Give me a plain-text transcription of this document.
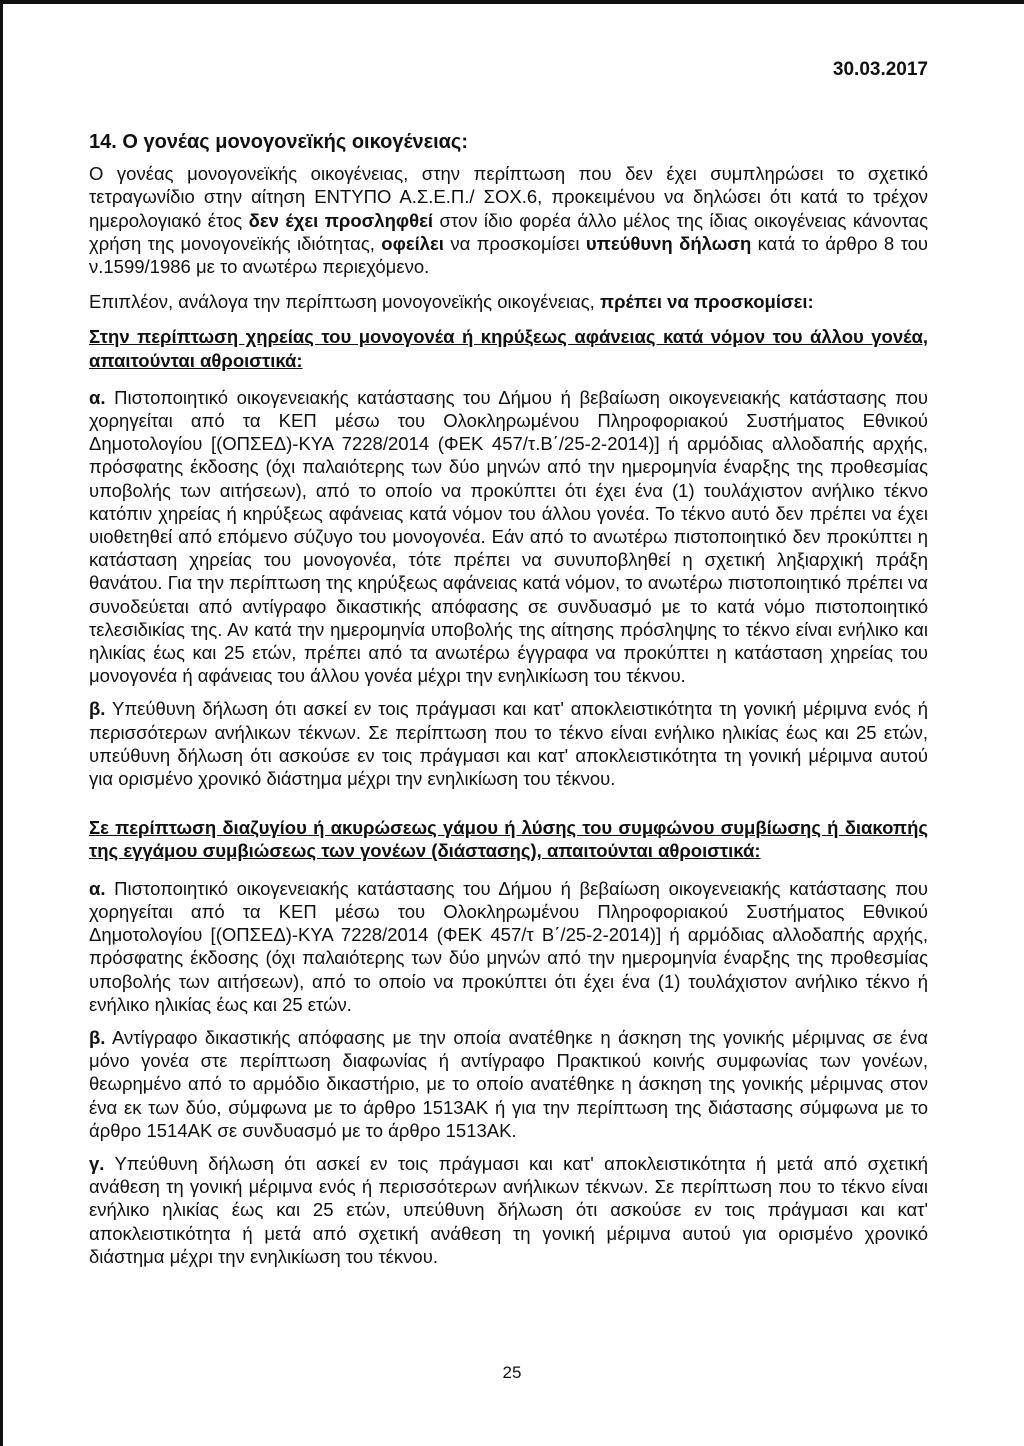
30.03.2017
14. Ο γονέας μονογονεϊκής οικογένειας:

Ο γονέας μονογονεϊκής οικογένειας, στην περίπτωση που δεν έχει συμπληρώσει το σχετικό τετραγωνίδιο στην αίτηση ΕΝΤΥΠΟ Α.Σ.Ε.Π./ ΣΟΧ.6, προκειμένου να δηλώσει ότι κατά το τρέχον ημερολογιακό έτος δεν έχει προσληφθεί στον ίδιο φορέα άλλο μέλος της ίδιας οικογένειας κάνοντας χρήση της μονογονεϊκής ιδιότητας, οφείλει να προσκομίσει υπεύθυνη δήλωση κατά το άρθρο 8 του ν.1599/1986 με το ανωτέρω περιεχόμενο.

Επιπλέον, ανάλογα την περίπτωση μονογονεϊκής οικογένειας, πρέπει να προσκομίσει:

Στην περίπτωση χηρείας του μονογονέα ή κηρύξεως αφάνειας κατά νόμον του άλλου γονέα, απαιτούνται αθροιστικά:

α. Πιστοποιητικό οικογενειακής κατάστασης του Δήμου ή βεβαίωση οικογενειακής κατάστασης που χορηγείται από τα ΚΕΠ μέσω του Ολοκληρωμένου Πληροφοριακού Συστήματος Εθνικού Δημοτολογίου [(ΟΠΣΕΔ)-ΚΥΑ 7228/2014 (ΦΕΚ 457/τ.Β΄/25-2-2014)] ή αρμόδιας αλλοδαπής αρχής, πρόσφατης έκδοσης (όχι παλαιότερης των δύο μηνών από την ημερομηνία έναρξης της προθεσμίας υποβολής των αιτήσεων), από το οποίο να προκύπτει ότι έχει ένα (1) τουλάχιστον ανήλικο τέκνο κατόπιν χηρείας ή κηρύξεως αφάνειας κατά νόμον του άλλου γονέα. Το τέκνο αυτό δεν πρέπει να έχει υιοθετηθεί από επόμενο σύζυγο του μονογονέα. Εάν από το ανωτέρω πιστοποιητικό δεν προκύπτει η κατάσταση χηρείας του μονογονέα, τότε πρέπει να συνυποβληθεί η σχετική ληξιαρχική πράξη θανάτου. Για την περίπτωση της κηρύξεως αφάνειας κατά νόμον, το ανωτέρω πιστοποιητικό πρέπει να συνοδεύεται από αντίγραφο δικαστικής απόφασης σε συνδυασμό με το κατά νόμο πιστοποιητικό τελεσιδικίας της. Αν κατά την ημερομηνία υποβολής της αίτησης πρόσληψης το τέκνο είναι ενήλικο και ηλικίας έως και 25 ετών, πρέπει από τα ανωτέρω έγγραφα να προκύπτει η κατάσταση χηρείας του μονογονέα ή αφάνειας του άλλου γονέα μέχρι την ενηλικίωση του τέκνου.

β. Υπεύθυνη δήλωση ότι ασκεί εν τοις πράγμασι και κατ' αποκλειστικότητα τη γονική μέριμνα ενός ή περισσότερων ανήλικων τέκνων. Σε περίπτωση που το τέκνο είναι ενήλικο ηλικίας έως και 25 ετών, υπεύθυνη δήλωση ότι ασκούσε εν τοις πράγμασι και κατ' αποκλειστικότητα τη γονική μέριμνα αυτού για ορισμένο χρονικό διάστημα μέχρι την ενηλικίωση του τέκνου.

Σε περίπτωση διαζυγίου ή ακυρώσεως γάμου ή λύσης του συμφώνου συμβίωσης ή διακοπής της εγγάμου συμβιώσεως των γονέων (διάστασης), απαιτούνται αθροιστικά:

α. Πιστοποιητικό οικογενειακής κατάστασης του Δήμου ή βεβαίωση οικογενειακής κατάστασης που χορηγείται από τα ΚΕΠ μέσω του Ολοκληρωμένου Πληροφοριακού Συστήματος Εθνικού Δημοτολογίου [(ΟΠΣΕΔ)-ΚΥΑ 7228/2014 (ΦΕΚ 457/τ Β΄/25-2-2014)] ή αρμόδιας αλλοδαπής αρχής, πρόσφατης έκδοσης (όχι παλαιότερης των δύο μηνών από την ημερομηνία έναρξης της προθεσμίας υποβολής των αιτήσεων), από το οποίο να προκύπτει ότι έχει ένα (1) τουλάχιστον ανήλικο τέκνο ή ενήλικο ηλικίας έως και 25 ετών.

β. Αντίγραφο δικαστικής απόφασης με την οποία ανατέθηκε η άσκηση της γονικής μέριμνας σε ένα μόνο γονέα στε περίπτωση διαφωνίας ή αντίγραφο Πρακτικού κοινής συμφωνίας των γονέων, θεωρημένο από το αρμόδιο δικαστήριο, με το οποίο ανατέθηκε η άσκηση της γονικής μέριμνας στον ένα εκ των δύο, σύμφωνα με το άρθρο 1513ΑΚ ή για την περίπτωση της διάστασης σύμφωνα με το άρθρο 1514ΑΚ σε συνδυασμό με το άρθρο 1513ΑΚ.

γ. Υπεύθυνη δήλωση ότι ασκεί εν τοις πράγμασι και κατ' αποκλειστικότητα ή μετά από σχετική ανάθεση τη γονική μέριμνα ενός ή περισσότερων ανήλικων τέκνων. Σε περίπτωση που το τέκνο είναι ενήλικο ηλικίας έως και 25 ετών, υπεύθυνη δήλωση ότι ασκούσε εν τοις πράγμασι και κατ' αποκλειστικότητα ή μετά από σχετική ανάθεση τη γονική μέριμνα αυτού για ορισμένο χρονικό διάστημα μέχρι την ενηλικίωση του τέκνου.

25
